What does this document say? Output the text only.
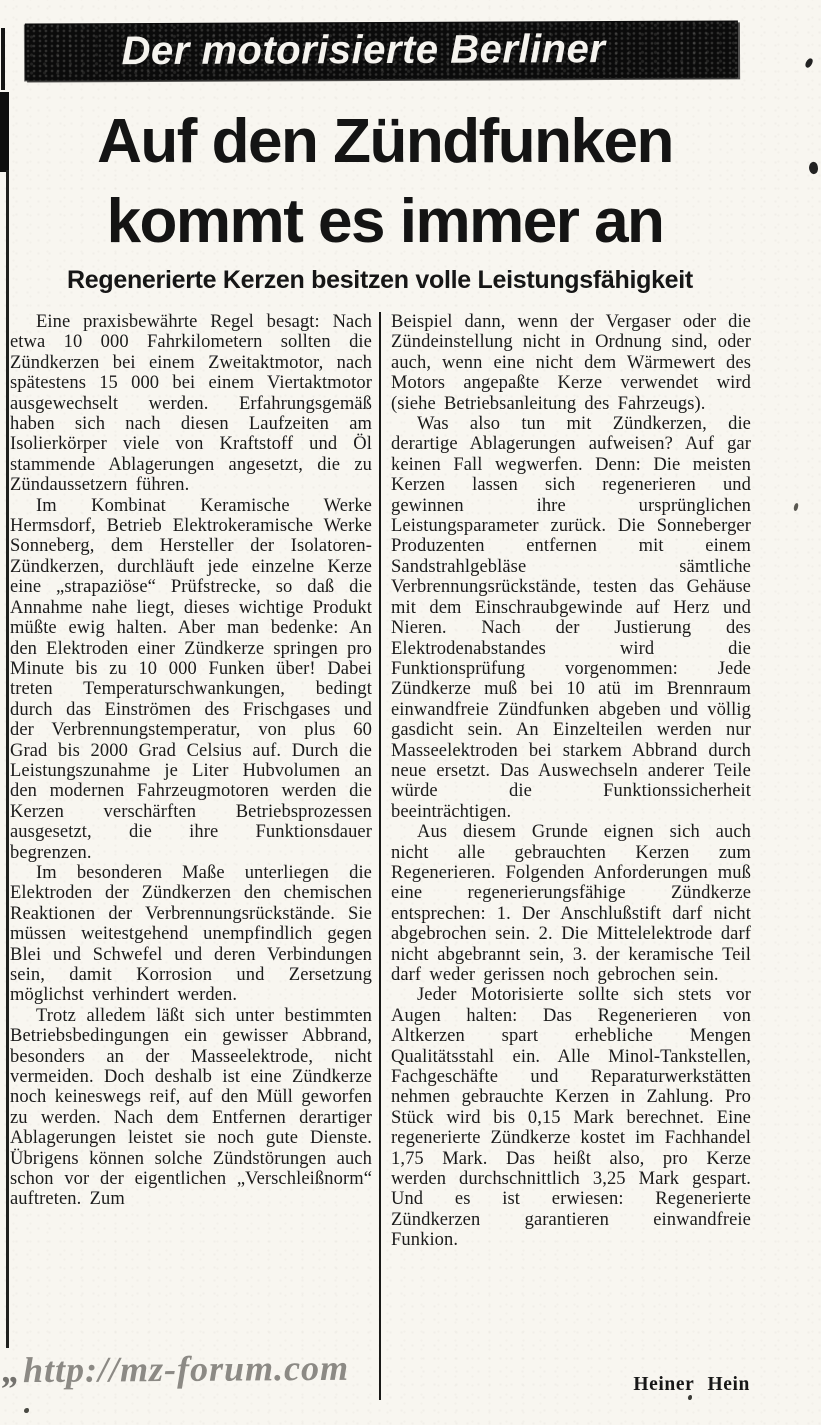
Der motorisierte Berliner
Auf den Zündfunken
kommt es immer an
Regenerierte Kerzen besitzen volle Leistungsfähigkeit

Eine praxisbewährte Regel besagt: Nach etwa 10 000 Fahrkilometern sollten die Zündkerzen bei einem Zweitaktmotor, nach spätestens 15 000 bei einem Viertaktmotor ausgewechselt werden. Erfahrungsgemäß haben sich nach diesen Laufzeiten am Isolierkörper viele von Kraftstoff und Öl stammende Ablagerungen angesetzt, die zu Zündaussetzern führen.

Im Kombinat Keramische Werke Hermsdorf, Betrieb Elektrokeramische Werke Sonneberg, dem Hersteller der Isolatoren-Zündkerzen, durchläuft jede einzelne Kerze eine „strapaziöse“ Prüfstrecke, so daß die Annahme nahe liegt, dieses wichtige Produkt müßte ewig halten. Aber man bedenke: An den Elektroden einer Zündkerze springen pro Minute bis zu 10 000 Funken über! Dabei treten Temperaturschwankungen, bedingt durch das Einströmen des Frischgases und der Verbrennungstemperatur, von plus 60 Grad bis 2000 Grad Celsius auf. Durch die Leistungszunahme je Liter Hubvolumen an den modernen Fahrzeugmotoren werden die Kerzen verschärften Betriebsprozessen ausgesetzt, die ihre Funktionsdauer begrenzen.

Im besonderen Maße unterliegen die Elektroden der Zündkerzen den chemischen Reaktionen der Verbrennungsrückstände. Sie müssen weitestgehend unempfindlich gegen Blei und Schwefel und deren Verbindungen sein, damit Korrosion und Zersetzung möglichst verhindert werden.

Trotz alledem läßt sich unter bestimmten Betriebsbedingungen ein gewisser Abbrand, besonders an der Masseelektrode, nicht vermeiden. Doch deshalb ist eine Zündkerze noch keineswegs reif, auf den Müll geworfen zu werden. Nach dem Entfernen derartiger Ablagerungen leistet sie noch gute Dienste. Übrigens können solche Zündstörungen auch schon vor der eigentlichen „Verschleißnorm“ auftreten. Zum

Beispiel dann, wenn der Vergaser oder die Zündeinstellung nicht in Ordnung sind, oder auch, wenn eine nicht dem Wärmewert des Motors angepaßte Kerze verwendet wird (siehe Betriebsanleitung des Fahrzeugs).

Was also tun mit Zündkerzen, die derartige Ablagerungen aufweisen? Auf gar keinen Fall wegwerfen. Denn: Die meisten Kerzen lassen sich regenerieren und gewinnen ihre ursprünglichen Leistungsparameter zurück. Die Sonneberger Produzenten entfernen mit einem Sandstrahlgebläse sämtliche Verbrennungsrückstände, testen das Gehäuse mit dem Einschraubgewinde auf Herz und Nieren. Nach der Justierung des Elektrodenabstandes wird die Funktionsprüfung vorgenommen: Jede Zündkerze muß bei 10 atü im Brennraum einwandfreie Zündfunken abgeben und völlig gasdicht sein. An Einzelteilen werden nur Masseelektroden bei starkem Abbrand durch neue ersetzt. Das Auswechseln anderer Teile würde die Funktionssicherheit beeinträchtigen.

Aus diesem Grunde eignen sich auch nicht alle gebrauchten Kerzen zum Regenerieren. Folgenden Anforderungen muß eine regenerierungsfähige Zündkerze entsprechen: 1. Der Anschlußstift darf nicht abgebrochen sein. 2. Die Mittelelektrode darf nicht abgebrannt sein, 3. der keramische Teil darf weder gerissen noch gebrochen sein.

Jeder Motorisierte sollte sich stets vor Augen halten: Das Regenerieren von Altkerzen spart erhebliche Mengen Qualitätsstahl ein. Alle Minol-Tankstellen, Fachgeschäfte und Reparaturwerkstätten nehmen gebrauchte Kerzen in Zahlung. Pro Stück wird bis 0,15 Mark berechnet. Eine regenerierte Zündkerze kostet im Fachhandel 1,75 Mark. Das heißt also, pro Kerze werden durchschnittlich 3,25 Mark gespart. Und es ist erwiesen: Regenerierte Zündkerzen garantieren einwandfreie Funkion.

Heiner Hein
„ http://mz-forum.com
